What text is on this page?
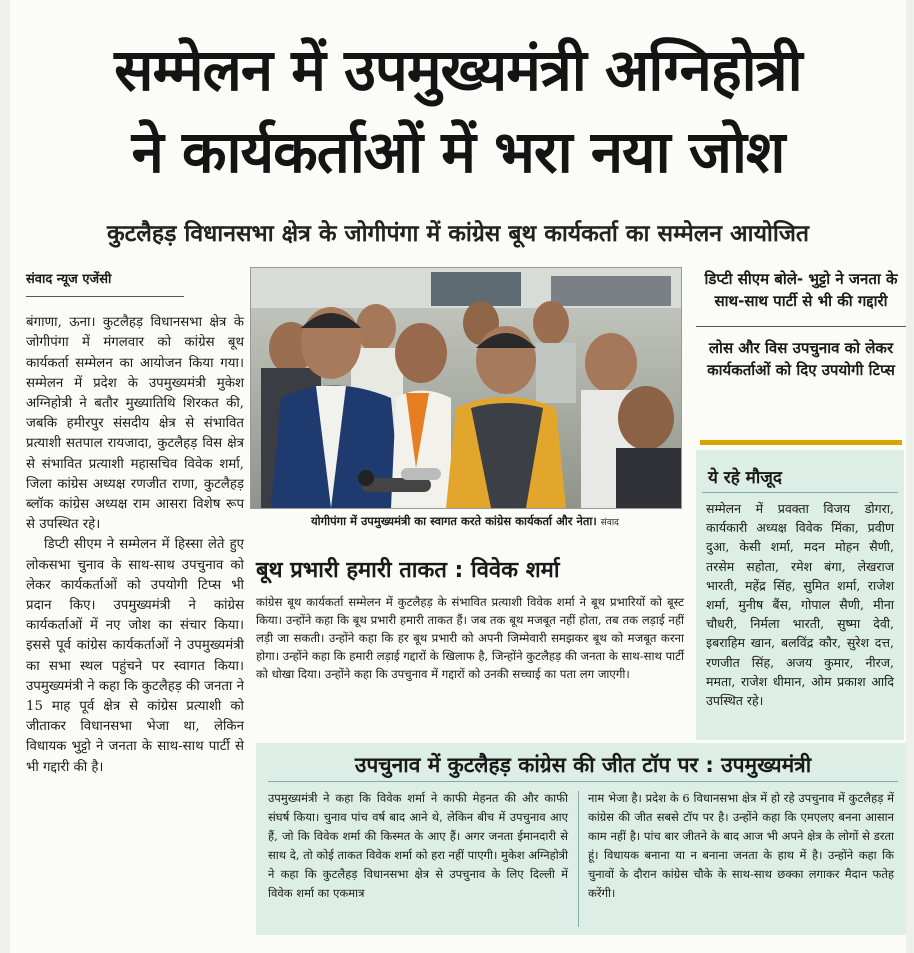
सम्मेलन में उपमुख्यमंत्री अग्निहोत्री
ने कार्यकर्ताओं में भरा नया जोश
कुटलैहड़ विधानसभा क्षेत्र के जोगीपंगा में कांग्रेस बूथ कार्यकर्ता का सम्मेलन आयोजित
संवाद न्यूज एजेंसी

बंगाणा, ऊना। कुटलैहड़ विधानसभा क्षेत्र के जोगीपंगा में मंगलवार को कांग्रेस बूथ कार्यकर्ता सम्मेलन का आयोजन किया गया। सम्मेलन में प्रदेश के उपमुख्यमंत्री मुकेश अग्निहोत्री ने बतौर मुख्यातिथि शिरकत की, जबकि हमीरपुर संसदीय क्षेत्र से संभावित प्रत्याशी सतपाल रायजादा, कुटलैहड़ विस क्षेत्र से संभावित प्रत्याशी महासचिव विवेक शर्मा, जिला कांग्रेस अध्यक्ष रणजीत राणा, कुटलैहड़ ब्लॉक कांग्रेस अध्यक्ष राम आसरा विशेष रूप से उपस्थित रहे।

डिप्टी सीएम ने सम्मेलन में हिस्सा लेते हुए लोकसभा चुनाव के साथ-साथ उपचुनाव को लेकर कार्यकर्ताओं को उपयोगी टिप्स भी प्रदान किए। उपमुख्यमंत्री ने कांग्रेस कार्यकर्ताओं में नए जोश का संचार किया। इससे पूर्व कांग्रेस कार्यकर्ताओं ने उपमुख्यमंत्री का सभा स्थल पहुंचने पर स्वागत किया। उपमुख्यमंत्री ने कहा कि कुटलैहड़ की जनता ने 15 माह पूर्व क्षेत्र से कांग्रेस प्रत्याशी को जीताकर विधानसभा भेजा था, लेकिन विधायक भुट्टो ने जनता के साथ-साथ पार्टी से भी गद्दारी की है।

योगीपंगा में उपमुख्यमंत्री का स्वागत करते कांग्रेस कार्यकर्ता और नेता। संवाद
बूथ प्रभारी हमारी ताकत : विवेक शर्मा
कांग्रेस बूथ कार्यकर्ता सम्मेलन में कुटलैहड़ के संभावित प्रत्याशी विवेक शर्मा ने बूथ प्रभारियों को बूस्ट किया। उन्होंने कहा कि बूथ प्रभारी हमारी ताकत हैं। जब तक बूथ मजबूत नहीं होता, तब तक लड़ाई नहीं लड़ी जा सकती। उन्होंने कहा कि हर बूथ प्रभारी को अपनी जिम्मेवारी समझकर बूथ को मजबूत करना होगा। उन्होंने कहा कि हमारी लड़ाई गद्दारों के खिलाफ है, जिन्होंने कुटलैहड़ की जनता के साथ-साथ पार्टी को धोखा दिया। उन्होंने कहा कि उपचुनाव में गद्दारों को उनकी सच्चाई का पता लग जाएगी।
डिप्टी सीएम बोले- भुट्टो ने जनता के साथ-साथ पार्टी से भी की गद्दारी
लोस और विस उपचुनाव को लेकर कार्यकर्ताओं को दिए उपयोगी टिप्स
ये रहे मौजूद
सम्मेलन में प्रवक्ता विजय डोगरा, कार्यकारी अध्यक्ष विवेक मिंका, प्रवीण दुआ, केसी शर्मा, मदन मोहन सैणी, तरसेम सहोता, रमेश बंगा, लेखराज भारती, महेंद्र सिंह, सुमित शर्मा, राजेश शर्मा, मुनीष बैंस, गोपाल सैणी, मीना चौधरी, निर्मला भारती, सुष्मा देवी, इबराहिम खान, बलविंद्र कौर, सुरेश दत्त, रणजीत सिंह, अजय कुमार, नीरज, ममता, राजेश धीमान, ओम प्रकाश आदि उपस्थित रहे।
उपचुनाव में कुटलैहड़ कांग्रेस की जीत टॉप पर : उपमुख्यमंत्री
उपमुख्यमंत्री ने कहा कि विवेक शर्मा ने काफी मेहनत की और काफी संघर्ष किया। चुनाव पांच वर्ष बाद आने थे, लेकिन बीच में उपचुनाव आए हैं, जो कि विवेक शर्मा की किस्मत के आए हैं। अगर जनता ईमानदारी से साथ दे, तो कोई ताकत विवेक शर्मा को हरा नहीं पाएगी। मुकेश अग्निहोत्री ने कहा कि कुटलैहड़ विधानसभा क्षेत्र से उपचुनाव के लिए दिल्ली में विवेक शर्मा का एकमात्र
नाम भेजा है। प्रदेश के 6 विधानसभा क्षेत्र में हो रहे उपचुनाव में कुटलैहड़ में कांग्रेस की जीत सबसे टॉप पर है। उन्होंने कहा कि एमएलए बनना आसान काम नहीं है। पांच बार जीतने के बाद आज भी अपने क्षेत्र के लोगों से डरता हूं। विधायक बनाना या न बनाना जनता के हाथ में है। उन्होंने कहा कि चुनावों के दौरान कांग्रेस चौके के साथ-साथ छक्का लगाकर मैदान फतेह करेंगी।
